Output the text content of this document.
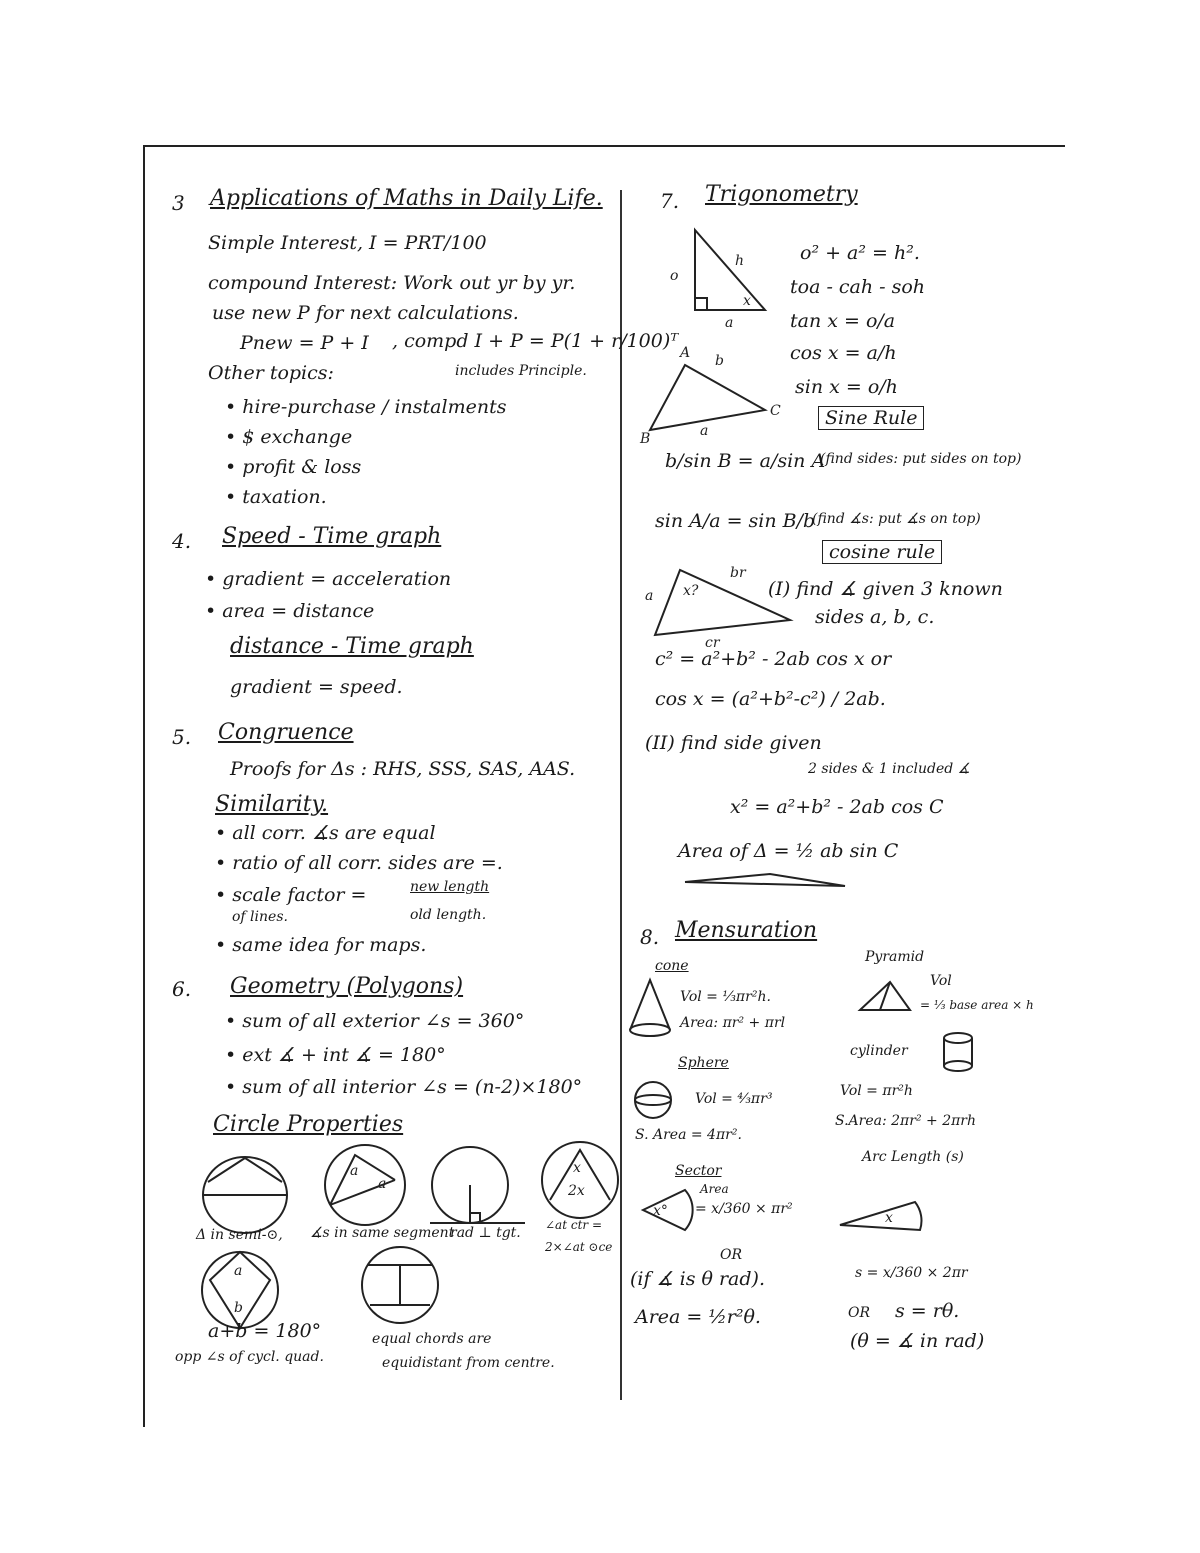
3 Applications of Maths in Daily Life.
Simple Interest, I = PRT/100
compound Interest: Work out yr by yr.
use new P for next calculations.
Pnew = P + I , compd I + P = P(1 + r/100)ᵀ
includes Principle.
Other topics:
• hire-purchase / instalments
• $ exchange
• profit & loss
• taxation.
4. Speed - Time graph
• gradient = acceleration
• area = distance
distance - Time graph
gradient = speed.
5. Congruence
Proofs for Δs : RHS, SSS, SAS, AAS.
Similarity.
• all corr. ∡s are equal
• ratio of all corr. sides are =.
• scale factor =
of lines.
new length
old length.
• same idea for maps.
6. Geometry (Polygons)
• sum of all exterior ∠s = 360°
• ext ∡ + int ∡ = 180°
• sum of all interior ∠s = (n-2)×180°
Circle Properties
a
a
x
2x
a
b
Δ in semi-⊙, ∡s in same segment
rad ⊥ tgt. ∠at ctr = 2×∠at ⊙ce
a+b = 180°
opp ∠s of cycl. quad.
equal chords are
equidistant from centre.
7. Trigonometry
o
h
a
x
o² + a² = h².
toa - cah - soh
tan x = o/a
cos x = a/h
sin x = o/h
Sine Rule
A b
B
C
a
b/sin B = a/sin A
(find sides: put sides on top)
sin A/a = sin B/b
(find ∡s: put ∡s on top)
cosine rule
a x?
br
cr
(I) find ∡ given 3 known
sides a, b, c.
c² = a²+b² - 2ab cos x or
cos x = (a²+b²-c²) / 2ab.
(II) find side given
2 sides & 1 included ∡
x² = a²+b² - 2ab cos C
Area of Δ = ½ ab sin C
8. Mensuration
cone
Vol = ⅓πr²h.
Area: πr² + πrl
Pyramid
Vol
= ⅓ base area × h
Sphere
Vol = ⁴⁄₃πr³
S. Area = 4πr².
cylinder
Vol = πr²h
S.Area: 2πr² + 2πrh
Sector
x°
Area
= x/360 × πr²
OR
(if ∡ is θ rad).
Area = ½r²θ.
Arc Length (s)
x
s = x/360 × 2πr
OR s = rθ.
(θ = ∡ in rad)
